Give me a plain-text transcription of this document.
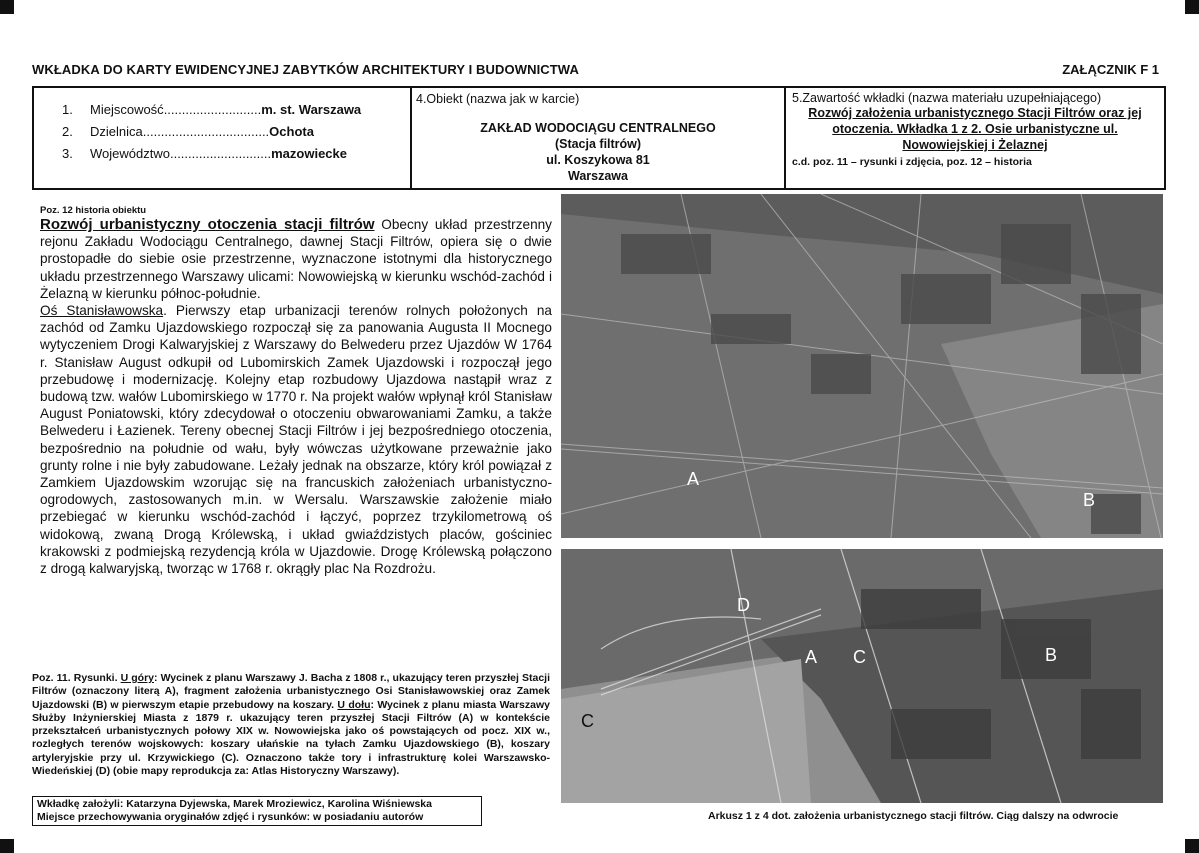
WKŁADKA DO KARTY EWIDENCYJNEJ ZABYTKÓW ARCHITEKTURY I BUDOWNICTWA	ZAŁĄCZNIK F 1
1.	Miejscowość ........................... m. st. Warszawa
2.	Dzielnica ................................... Ochota
3.	Województwo ............................ mazowiecke
4.Obiekt (nazwa jak w karcie)
ZAKŁAD WODOCIĄGU CENTRALNEGO
(Stacja filtrów)
ul. Koszykowa 81
Warszawa
5.Zawartość wkładki (nazwa materiału uzupełniającego)
Rozwój założenia urbanistycznego Stacji Filtrów oraz jej otoczenia. Wkładka 1 z 2. Osie urbanistyczne ul. Nowowiejskiej i Żelaznej
c.d. poz. 11 – rysunki i zdjęcia, poz. 12 – historia
Poz. 12 historia obiektu
Rozwój urbanistyczny otoczenia stacji filtrów Obecny układ przestrzenny rejonu Zakładu Wodociągu Centralnego, dawnej Stacji Filtrów, opiera się o dwie prostopadłe do siebie osie przestrzenne, wyznaczone istotnymi dla historycznego układu przestrzennego Warszawy ulicami: Nowowiejską w kierunku wschód-zachód i Żelazną w kierunku północ-południe.
Oś Stanisławowska. Pierwszy etap urbanizacji terenów rolnych położonych na zachód od Zamku Ujazdowskiego rozpoczął się za panowania Augusta II Mocnego wytyczeniem Drogi Kalwaryjskiej z Warszawy do Belwederu przez Ujazdów W 1764 r. Stanisław August odkupił od Lubomirskich Zamek Ujazdowski i rozpoczął jego przebudowę i modernizację. Kolejny etap rozbudowy Ujazdowa nastąpił wraz z budową tzw. wałów Lubomirskiego w 1770 r. Na projekt wałów wpłynął król Stanisław August Poniatowski, który zdecydował o otoczeniu obwarowaniami Zamku, a także Belwederu i Łazienek. Tereny obecnej Stacji Filtrów i jej bezpośredniego otoczenia, bezpośrednio na południe od wału, były wówczas użytkowane przeważnie jako grunty rolne i nie były zabudowane. Leżały jednak na obszarze, który król powiązał z Zamkiem Ujazdowskim wzorując się na francuskich założeniach urbanistyczno-ogrodowych, zastosowanych m.in. w Wersalu. Warszawskie założenie miało przebiegać w kierunku wschód-zachód i łączyć, poprzez trzykilometrową oś widokową, zwaną Drogą Królewską, i układ gwiaździstych placów, gościniec krakowski z podmiejską rezydencją króla w Ujazdowie. Drogę Królewską połączono z drogą kalwaryjską, tworząc w 1768 r. okrągły plac Na Rozdrożu.
Poz. 11. Rysunki. U góry: Wycinek z planu Warszawy J. Bacha z 1808 r., ukazujący teren przyszłej Stacji Filtrów (oznaczony literą A), fragment założenia urbanistycznego Osi Stanisławowskiej oraz Zamek Ujazdowski (B) w pierwszym etapie przebudowy na koszary. U dołu: Wycinek z planu miasta Warszawy Służby Inżynierskiej Miasta z 1879 r. ukazujący teren przyszłej Stacji Filtrów (A) w kontekście przekształceń urbanistycznych połowy XIX w. Nowowiejska jako oś powstających od pocz. XIX w., rozległych terenów wojskowych: koszary ułańskie na tyłach Zamku Ujazdowskiego (B), koszary artyleryjskie przy ul. Krzywickiego (C). Oznaczono także tory i infrastrukturę kolei Warszawsko-Wiedeńskiej (D) (obie mapy reprodukcja za: Atlas Historyczny Warszawy).
Wkładkę założyli: Katarzyna Dyjewska, Marek Mroziewicz, Karolina Wiśniewska
Miejsce przechowywania oryginałów zdjęć i rysunków: w posiadaniu autorów
A
B
D
A C	B
C
Arkusz 1 z 4 dot. założenia urbanistycznego stacji filtrów. Ciąg dalszy na odwrocie
